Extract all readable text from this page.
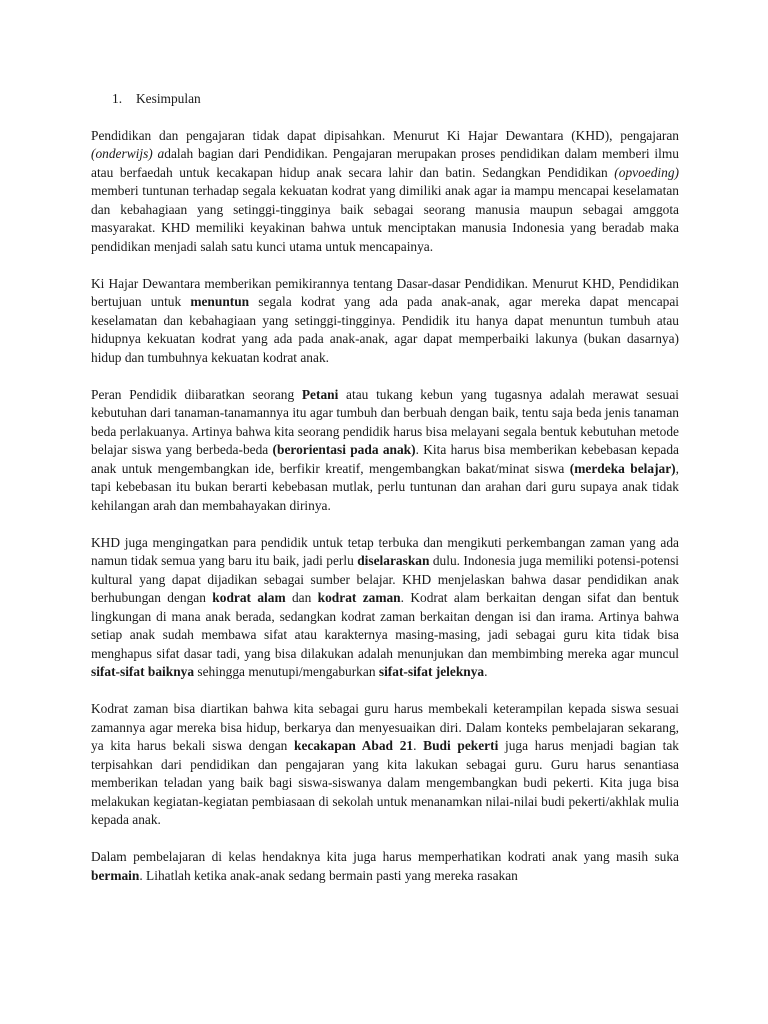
1. Kesimpulan

Pendidikan dan pengajaran tidak dapat dipisahkan. Menurut Ki Hajar Dewantara (KHD), pengajaran (onderwijs) adalah bagian dari Pendidikan. Pengajaran merupakan proses pendidikan dalam memberi ilmu atau berfaedah untuk kecakapan hidup anak secara lahir dan batin. Sedangkan Pendidikan (opvoeding) memberi tuntunan terhadap segala kekuatan kodrat yang dimiliki anak agar ia mampu mencapai keselamatan dan kebahagiaan yang setinggi-tingginya baik sebagai seorang manusia maupun sebagai amggota masyarakat. KHD memiliki keyakinan bahwa untuk menciptakan manusia Indonesia yang beradab maka pendidikan menjadi salah satu kunci utama untuk mencapainya.

Ki Hajar Dewantara memberikan pemikirannya tentang Dasar-dasar Pendidikan. Menurut KHD, Pendidikan bertujuan untuk menuntun segala kodrat yang ada pada anak-anak, agar mereka dapat mencapai keselamatan dan kebahagiaan yang setinggi-tingginya. Pendidik itu hanya dapat menuntun tumbuh atau hidupnya kekuatan kodrat yang ada pada anak-anak, agar dapat memperbaiki lakunya (bukan dasarnya) hidup dan tumbuhnya kekuatan kodrat anak.

Peran Pendidik diibaratkan seorang Petani atau tukang kebun yang tugasnya adalah merawat sesuai kebutuhan dari tanaman-tanamannya itu agar tumbuh dan berbuah dengan baik, tentu saja beda jenis tanaman beda perlakuanya. Artinya bahwa kita seorang pendidik harus bisa melayani segala bentuk kebutuhan metode belajar siswa yang berbeda-beda (berorientasi pada anak). Kita harus bisa memberikan kebebasan kepada anak untuk mengembangkan ide, berfikir kreatif, mengembangkan bakat/minat siswa (merdeka belajar), tapi kebebasan itu bukan berarti kebebasan mutlak, perlu tuntunan dan arahan dari guru supaya anak tidak kehilangan arah dan membahayakan dirinya.

KHD juga mengingatkan para pendidik untuk tetap terbuka dan mengikuti perkembangan zaman yang ada namun tidak semua yang baru itu baik, jadi perlu diselaraskan dulu. Indonesia juga memiliki potensi-potensi kultural yang dapat dijadikan sebagai sumber belajar. KHD menjelaskan bahwa dasar pendidikan anak berhubungan dengan kodrat alam dan kodrat zaman. Kodrat alam berkaitan dengan sifat dan bentuk lingkungan di mana anak berada, sedangkan kodrat zaman berkaitan dengan isi dan irama. Artinya bahwa setiap anak sudah membawa sifat atau karakternya masing-masing, jadi sebagai guru kita tidak bisa menghapus sifat dasar tadi, yang bisa dilakukan adalah menunjukan dan membimbing mereka agar muncul sifat-sifat baiknya sehingga menutupi/mengaburkan sifat-sifat jeleknya.

Kodrat zaman bisa diartikan bahwa kita sebagai guru harus membekali keterampilan kepada siswa sesuai zamannya agar mereka bisa hidup, berkarya dan menyesuaikan diri. Dalam konteks pembelajaran sekarang, ya kita harus bekali siswa dengan kecakapan Abad 21. Budi pekerti juga harus menjadi bagian tak terpisahkan dari pendidikan dan pengajaran yang kita lakukan sebagai guru. Guru harus senantiasa memberikan teladan yang baik bagi siswa-siswanya dalam mengembangkan budi pekerti. Kita juga bisa melakukan kegiatan-kegiatan pembiasaan di sekolah untuk menanamkan nilai-nilai budi pekerti/akhlak mulia kepada anak.

Dalam pembelajaran di kelas hendaknya kita juga harus memperhatikan kodrati anak yang masih suka bermain. Lihatlah ketika anak-anak sedang bermain pasti yang mereka rasakan
